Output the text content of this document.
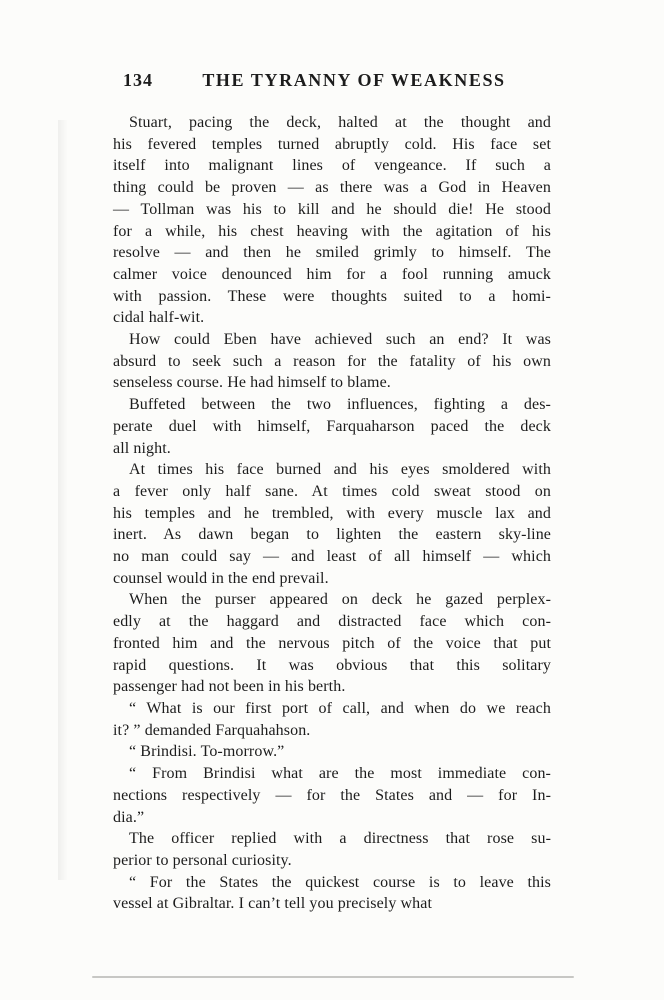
134	THE TYRANNY OF WEAKNESS
Stuart, pacing the deck, halted at the thought and
his fevered temples turned abruptly cold. His face set
itself into malignant lines of vengeance. If such a
thing could be proven — as there was a God in Heaven
— Tollman was his to kill and he should die! He stood
for a while, his chest heaving with the agitation of his
resolve — and then he smiled grimly to himself. The
calmer voice denounced him for a fool running amuck
with passion. These were thoughts suited to a homi-
cidal half-wit.
How could Eben have achieved such an end? It was
absurd to seek such a reason for the fatality of his own
senseless course. He had himself to blame.
Buffeted between the two influences, fighting a des-
perate duel with himself, Farquaharson paced the deck
all night.
At times his face burned and his eyes smoldered with
a fever only half sane. At times cold sweat stood on
his temples and he trembled, with every muscle lax and
inert. As dawn began to lighten the eastern sky-line
no man could say — and least of all himself — which
counsel would in the end prevail.
When the purser appeared on deck he gazed perplex-
edly at the haggard and distracted face which con-
fronted him and the nervous pitch of the voice that put
rapid questions. It was obvious that this solitary
passenger had not been in his berth.
“ What is our first port of call, and when do we reach
it? ” demanded Farquahahson.
“ Brindisi. To-morrow.”
“ From Brindisi what are the most immediate con-
nections respectively — for the States and — for In-
dia.”
The officer replied with a directness that rose su-
perior to personal curiosity.
“ For the States the quickest course is to leave this
vessel at Gibraltar. I can’t tell you precisely what
